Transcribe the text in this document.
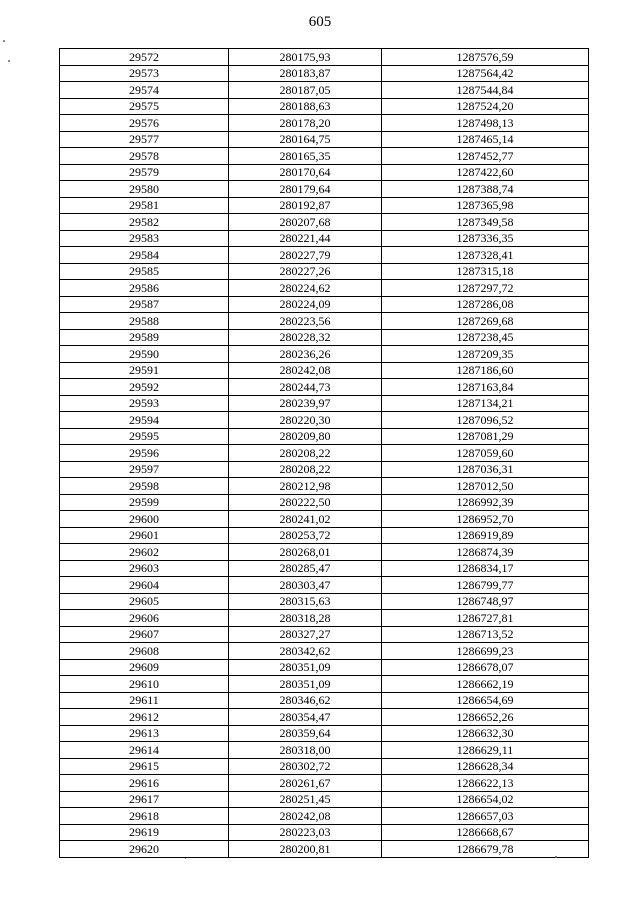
605
29572	280175,93	1287576,59
29573	280183,87	1287564,42
29574	280187,05	1287544,84
29575	280188,63	1287524,20
29576	280178,20	1287498,13
29577	280164,75	1287465,14
29578	280165,35	1287452,77
29579	280170,64	1287422,60
29580	280179,64	1287388,74
29581	280192,87	1287365,98
29582	280207,68	1287349,58
29583	280221,44	1287336,35
29584	280227,79	1287328,41
29585	280227,26	1287315,18
29586	280224,62	1287297,72
29587	280224,09	1287286,08
29588	280223,56	1287269,68
29589	280228,32	1287238,45
29590	280236,26	1287209,35
29591	280242,08	1287186,60
29592	280244,73	1287163,84
29593	280239,97	1287134,21
29594	280220,30	1287096,52
29595	280209,80	1287081,29
29596	280208,22	1287059,60
29597	280208,22	1287036,31
29598	280212,98	1287012,50
29599	280222,50	1286992,39
29600	280241,02	1286952,70
29601	280253,72	1286919,89
29602	280268,01	1286874,39
29603	280285,47	1286834,17
29604	280303,47	1286799,77
29605	280315,63	1286748,97
29606	280318,28	1286727,81
29607	280327,27	1286713,52
29608	280342,62	1286699,23
29609	280351,09	1286678,07
29610	280351,09	1286662,19
29611	280346,62	1286654,69
29612	280354,47	1286652,26
29613	280359,64	1286632,30
29614	280318,00	1286629,11
29615	280302,72	1286628,34
29616	280261,67	1286622,13
29617	280251,45	1286654,02
29618	280242,08	1286657,03
29619	280223,03	1286668,67
29620	280200,81	1286679,78
